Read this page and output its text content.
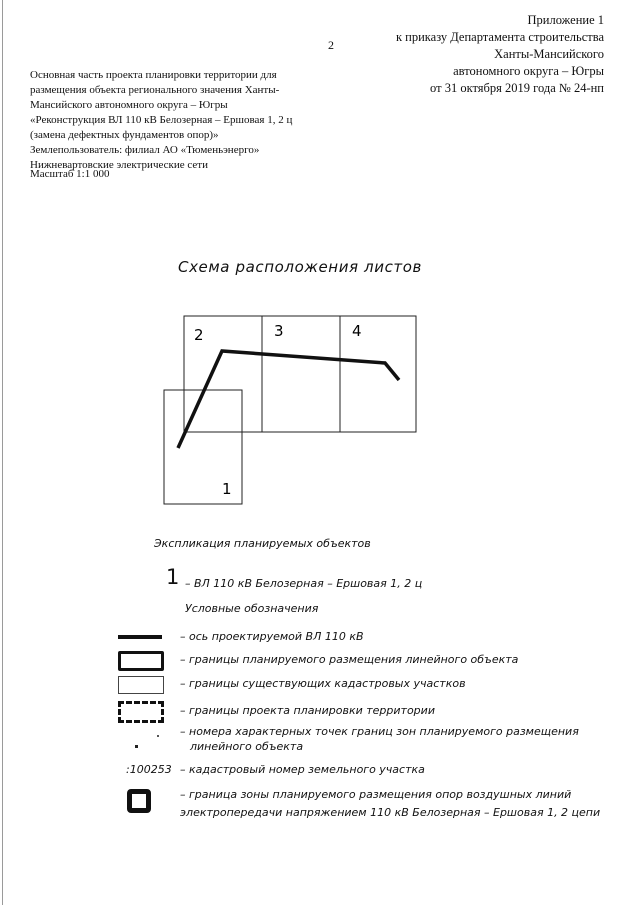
2
Приложение 1
к приказу Департамента строительства
Ханты-Мансийского
автономного округа – Югры
от 31 октября 2019 года № 24-нп
Основная часть проекта планировки территории для
размещения объекта регионального значения Ханты-
Мансийского автономного округа – Югры
«Реконструкция ВЛ 110 кВ Белозерная – Ершовая 1, 2 ц
(замена дефектных фундаментов опор)»
Землепользователь: филиал АО «Тюменьэнерго»
Нижневартовские электрические сети
Масштаб 1:1 000
Схема расположения листов
2	3	4
1
Экспликация планируемых объектов
1 – ВЛ 110 кВ Белозерная – Ершовая 1, 2 ц
Условные обозначения
– ось проектируемой ВЛ 110 кВ
– границы планируемого размещения линейного объекта
– границы существующих кадастровых участков
– границы проекта планировки территории
– номера характерных точек границ зон планируемого размещения
линейного объекта
:100253 – кадастровый номер земельного участка
– граница зоны планируемого размещения опор воздушных линий
электропередачи напряжением 110 кВ Белозерная – Ершовая 1, 2 цепи
